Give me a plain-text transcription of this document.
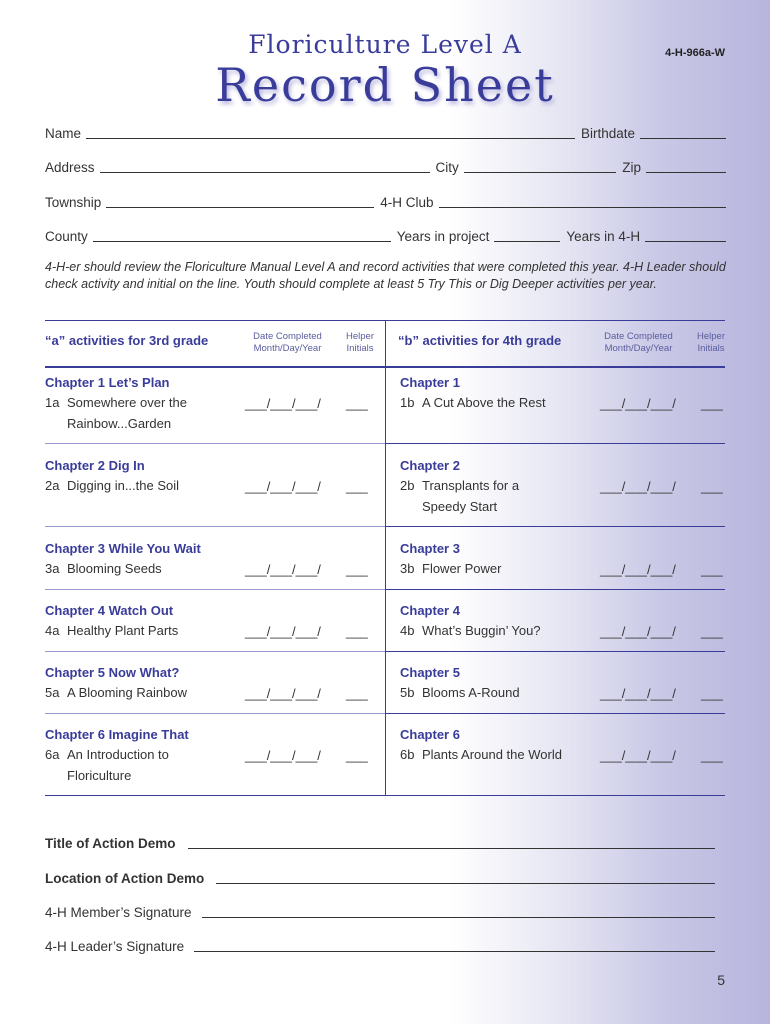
Floriculture Level A
Record Sheet
4-H-966a-W
Name	Birthdate
Address	City	Zip
Township	4-H Club
County	Years in project	Years in 4-H
4-H-er should review the Floriculture Manual Level A and record activities that were completed this year. 4-H Leader should check activity and initial on the line. Youth should complete at least 5 Try This or Dig Deeper activities per year.
“a” activities for 3rd grade	Date Completed
Month/Day/Year
Helper
Initials
“b” activities for 4th grade	Date Completed
Month/Day/Year
Helper
Initials
Chapter 1 Let’s Plan
1a Somewhere over the
Rainbow...Garden
___/___/___/ ___
Chapter 1
1b A Cut Above the Rest	___/___/___/ ___
Chapter 2 Dig In
2a Digging in...the Soil	___/___/___/ ___
Chapter 2
2b Transplants for a
Speedy Start
___/___/___/ ___
Chapter 3 While You Wait
3a Blooming Seeds	___/___/___/ ___
Chapter 3
3b Flower Power	___/___/___/ ___
Chapter 4 Watch Out
4a Healthy Plant Parts	___/___/___/ ___
Chapter 4
4b What’s Buggin’ You?	___/___/___/ ___
Chapter 5 Now What?
5a A Blooming Rainbow	___/___/___/ ___
Chapter 5
5b Blooms A-Round	___/___/___/ ___
Chapter 6 Imagine That
6a An Introduction to
Floriculture
___/___/___/ ___
Chapter 6
6b Plants Around the World	___/___/___/ ___
Title of Action Demo
Location of Action Demo
4-H Member’s Signature
4-H Leader’s Signature
5
